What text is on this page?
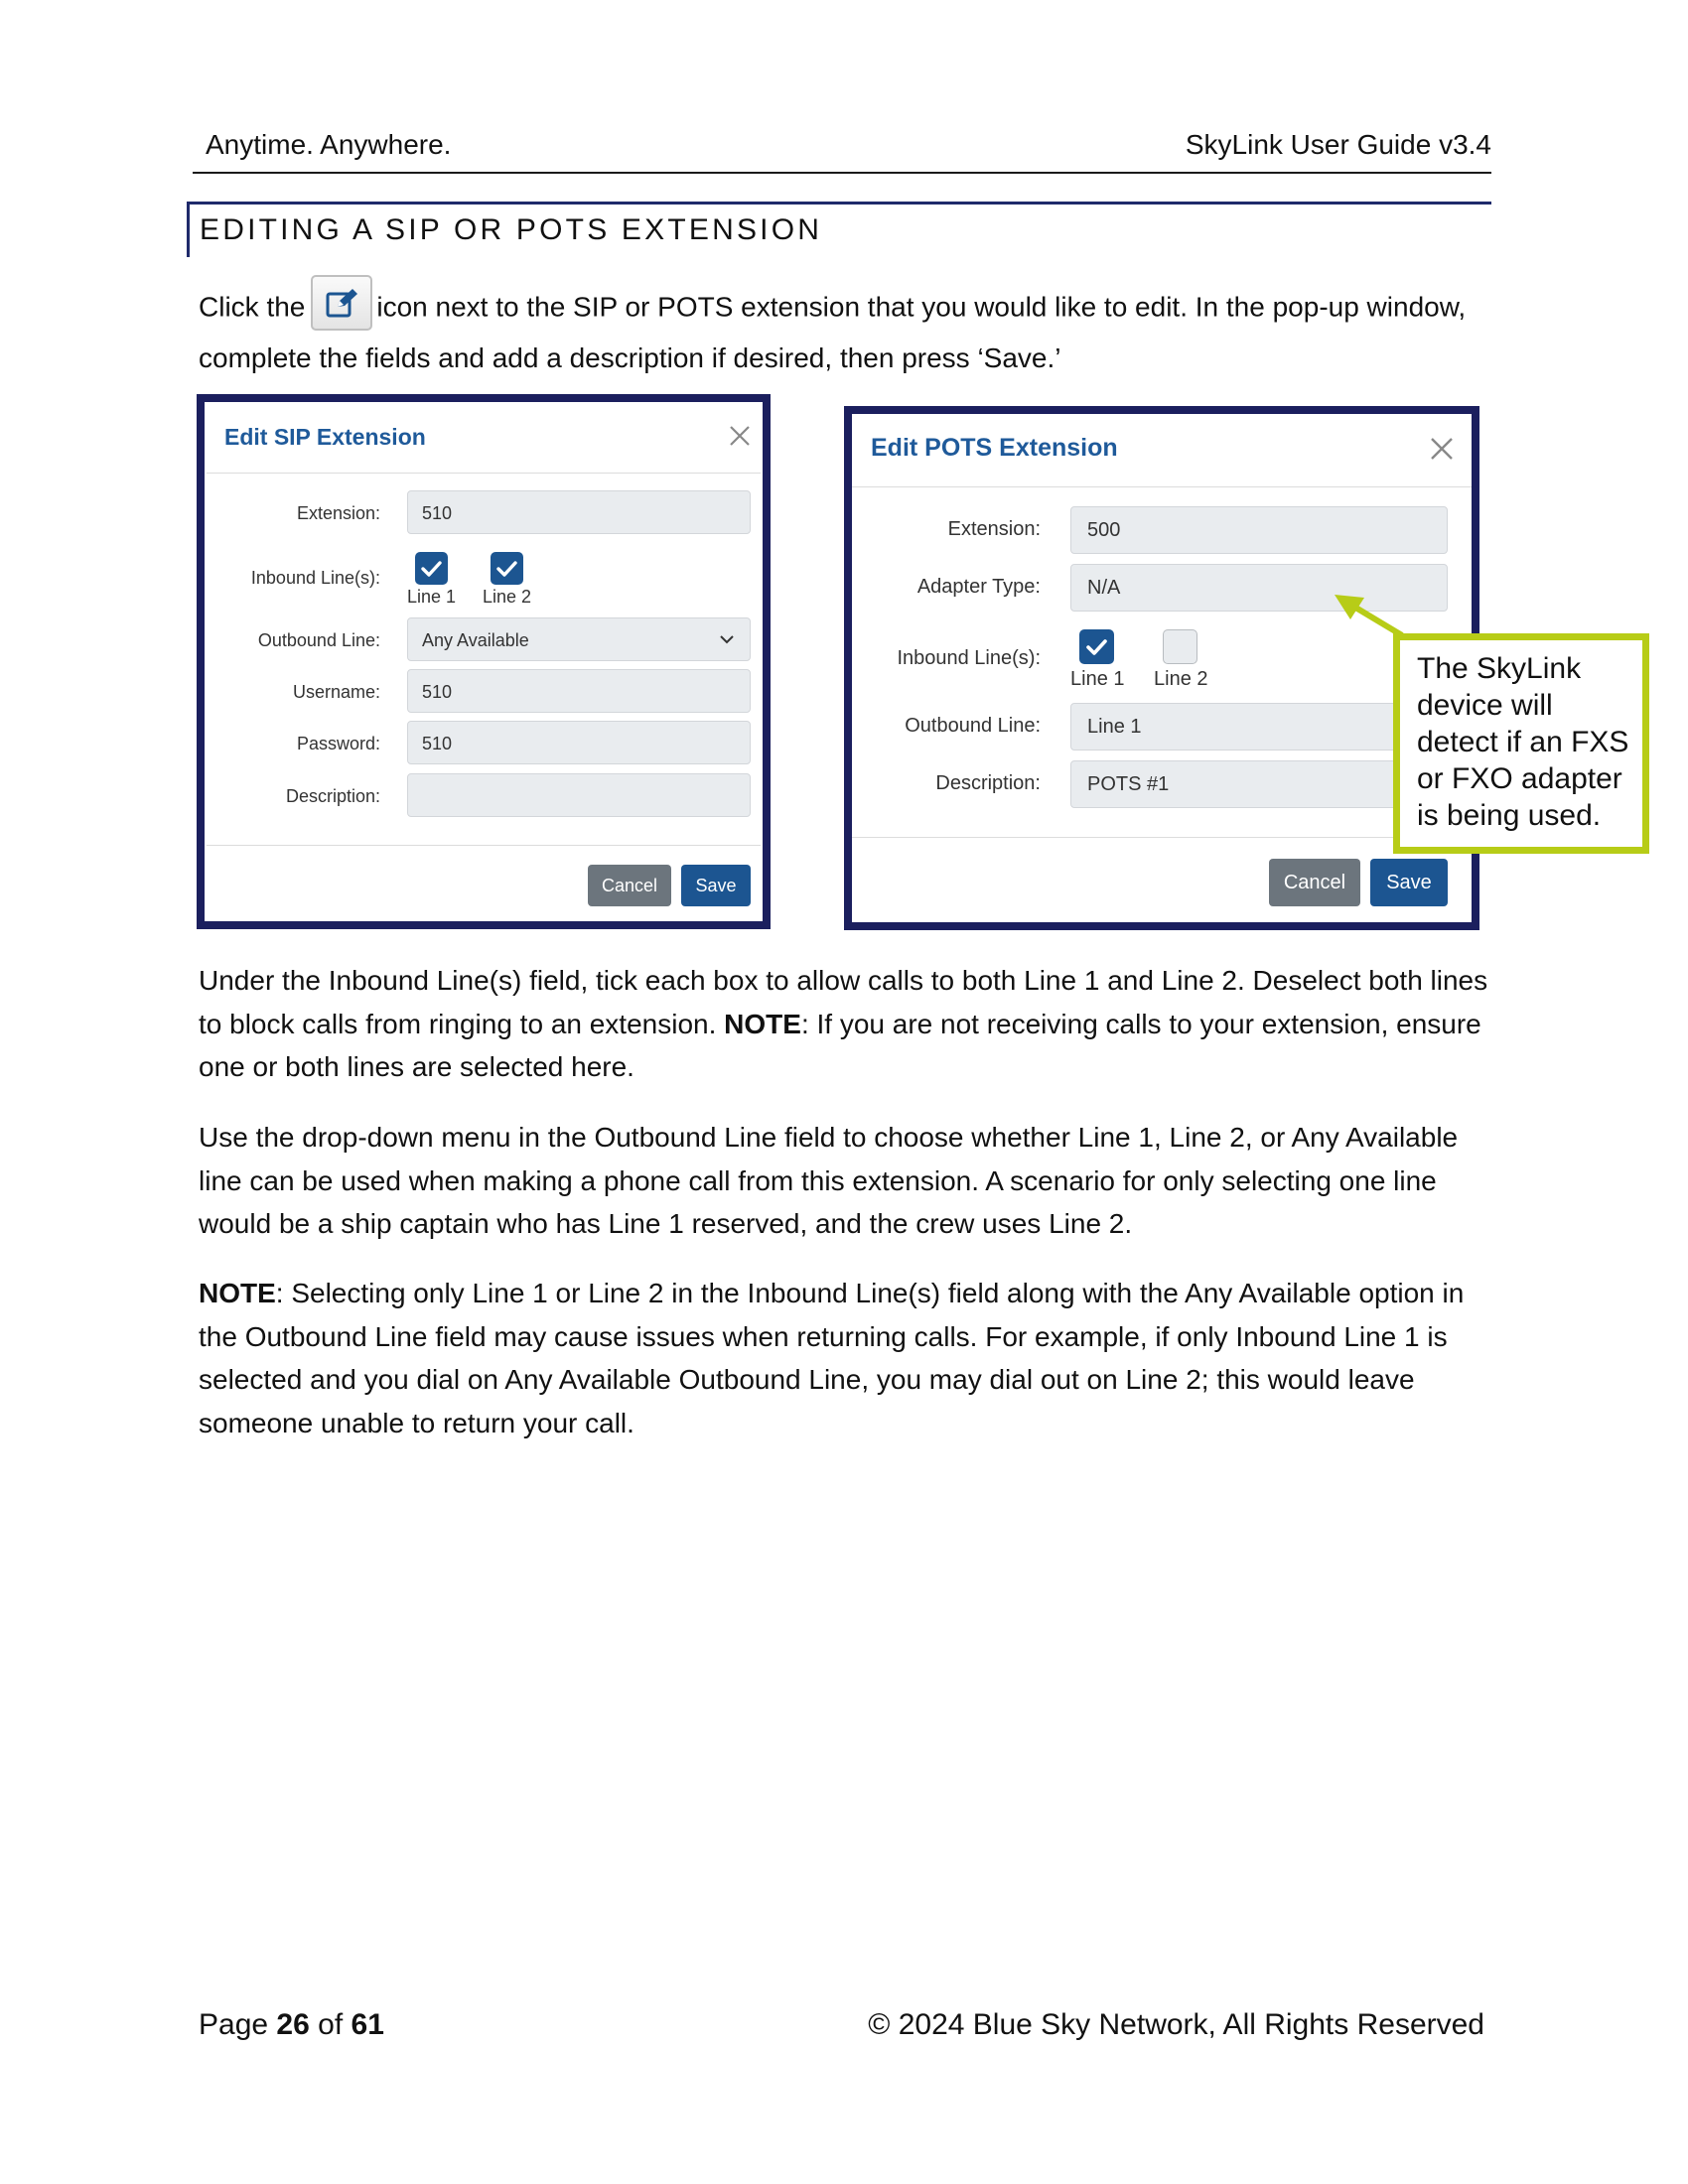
Anytime. Anywhere.	SkyLink User Guide v3.4
EDITING A SIP OR POTS EXTENSION
Click the	icon next to the SIP or POTS extension that you would like to edit. In the pop-up window, complete the fields and add a description if desired, then press ‘Save.’
Edit SIP Extension
Extension:	510
Inbound Line(s):
Line 1 Line 2
Outbound Line:	Any Available
Username:	510
Password:	510
Description:
Cancel	Save
Edit POTS Extension
Extension:	500
Adapter Type:	N/A
Inbound Line(s):
Line 1 Line 2
Outbound Line:	Line 1
Description:	POTS #1
Cancel	Save
The SkyLink device will detect if an FXS or FXO adapter is being used.
Under the Inbound Line(s) field, tick each box to allow calls to both Line 1 and Line 2. Deselect both lines to block calls from ringing to an extension. NOTE: If you are not receiving calls to your extension, ensure one or both lines are selected here.
Use the drop-down menu in the Outbound Line field to choose whether Line 1, Line 2, or Any Available line can be used when making a phone call from this extension. A scenario for only selecting one line would be a ship captain who has Line 1 reserved, and the crew uses Line 2.
NOTE: Selecting only Line 1 or Line 2 in the Inbound Line(s) field along with the Any Available option in the Outbound Line field may cause issues when returning calls. For example, if only Inbound Line 1 is selected and you dial on Any Available Outbound Line, you may dial out on Line 2; this would leave someone unable to return your call.
Page 26 of 61	© 2024 Blue Sky Network, All Rights Reserved
